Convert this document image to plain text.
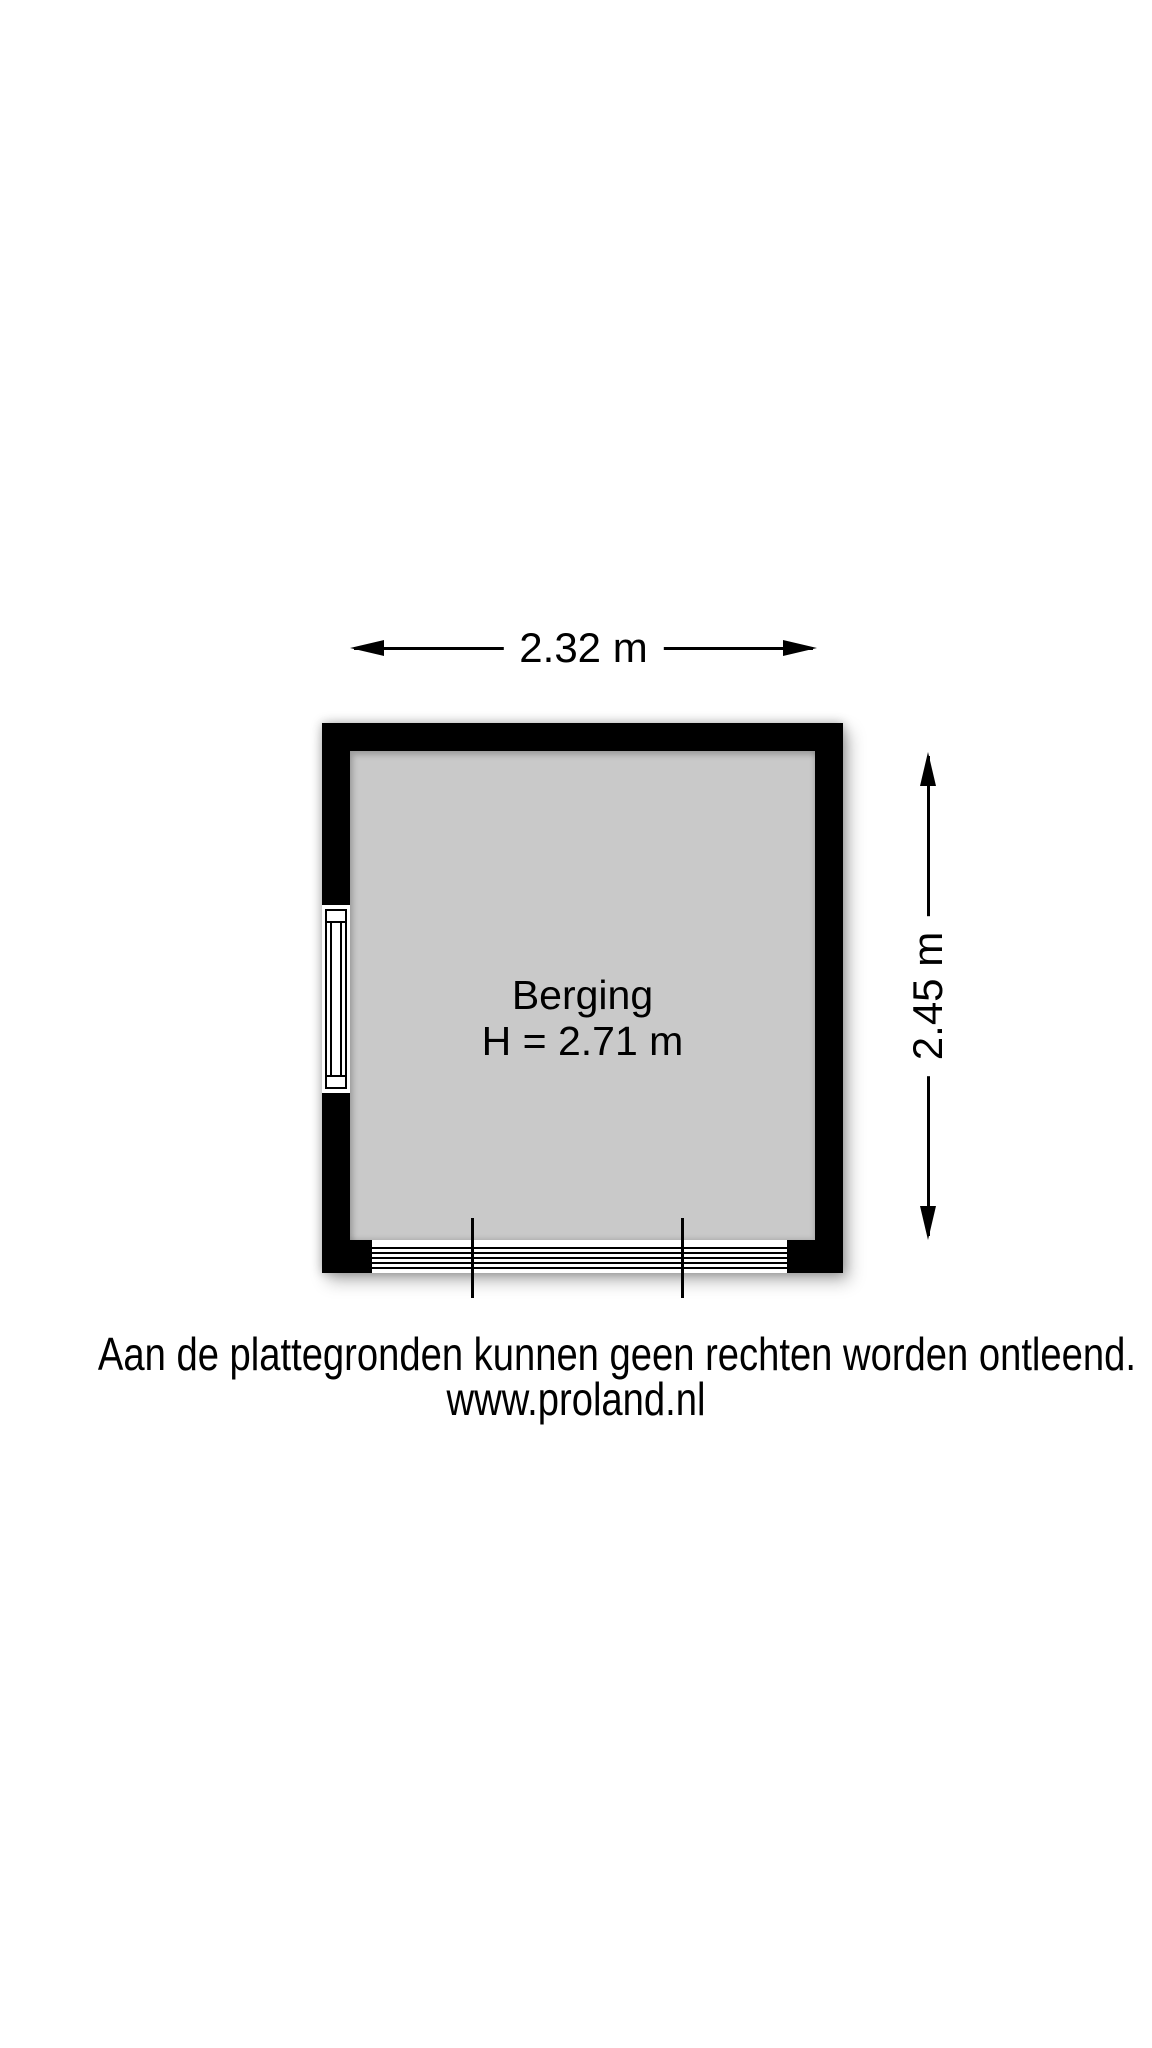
2.32 m
2.45 m
Berging
H = 2.71 m
Aan de plattegronden kunnen geen rechten worden ontleend.
www.proland.nl
